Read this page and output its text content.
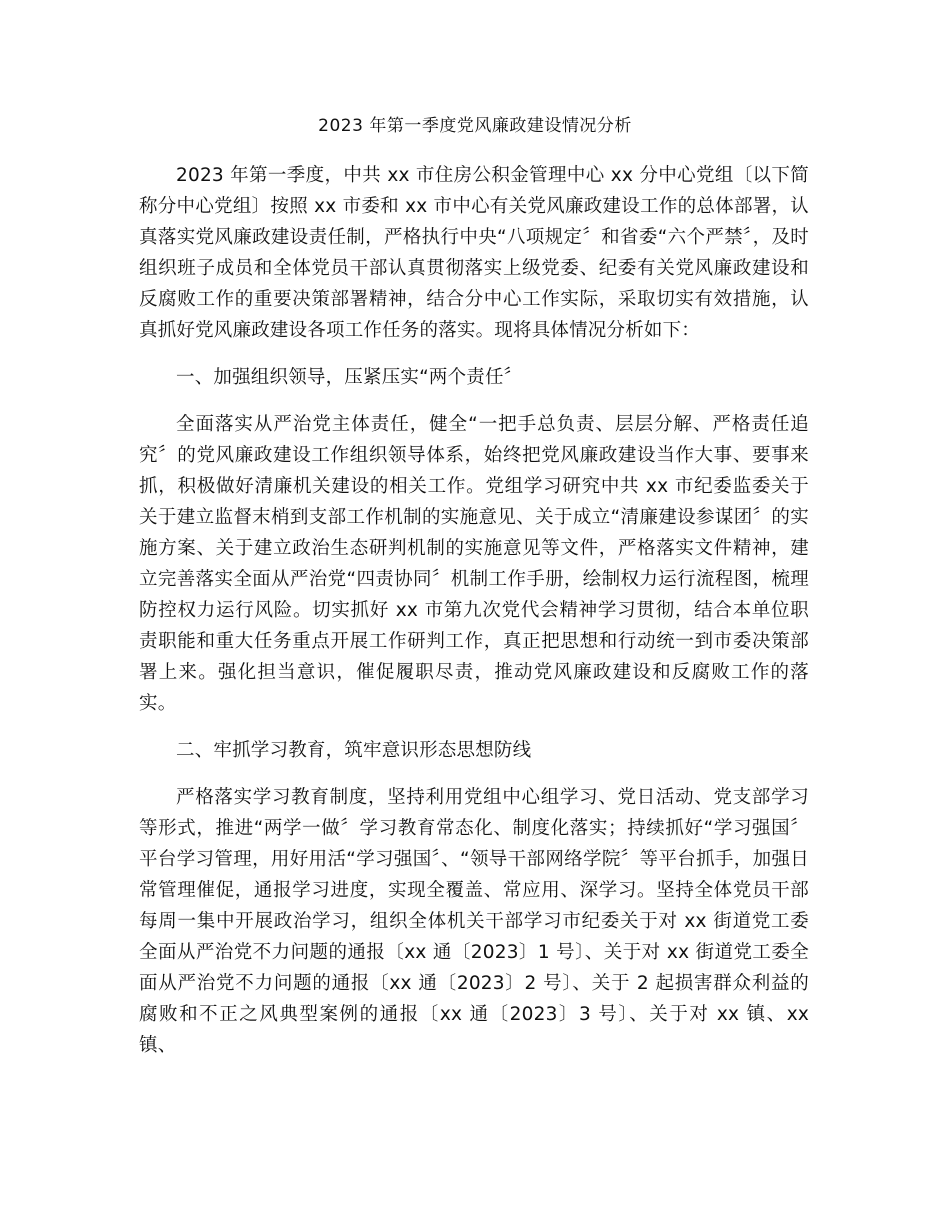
2023 年第一季度党风廉政建设情况分析

2023 年第一季度，中共 xx 市住房公积金管理中心 xx 分中心党组〔以下简称分中心党组〕按照 xx 市委和 xx 市中心有关党风廉政建设工作的总体部署，认真落实党风廉政建设责任制，严格执行中央“八项规定〞和省委“六个严禁〞，及时组织班子成员和全体党员干部认真贯彻落实上级党委、纪委有关党风廉政建设和反腐败工作的重要决策部署精神，结合分中心工作实际，采取切实有效措施，认真抓好党风廉政建设各项工作任务的落实。现将具体情况分析如下：

一、加强组织领导，压紧压实“两个责任〞

全面落实从严治党主体责任，健全“一把手总负责、层层分解、严格责任追究〞的党风廉政建设工作组织领导体系，始终把党风廉政建设当作大事、要事来抓，积极做好清廉机关建设的相关工作。党组学习研究中共 xx 市纪委监委关于关于建立监督末梢到支部工作机制的实施意见、关于成立“清廉建设参谋团〞的实施方案、关于建立政治生态研判机制的实施意见等文件，严格落实文件精神，建立完善落实全面从严治党“四责协同〞机制工作手册，绘制权力运行流程图，梳理防控权力运行风险。切实抓好 xx 市第九次党代会精神学习贯彻，结合本单位职责职能和重大任务重点开展工作研判工作，真正把思想和行动统一到市委决策部署上来。强化担当意识，催促履职尽责，推动党风廉政建设和反腐败工作的落实。

二、牢抓学习教育，筑牢意识形态思想防线

严格落实学习教育制度，坚持利用党组中心组学习、党日活动、党支部学习等形式，推进“两学一做〞学习教育常态化、制度化落实；持续抓好“学习强国〞平台学习管理，用好用活“学习强国〞、“领导干部网络学院〞等平台抓手，加强日常管理催促，通报学习进度，实现全覆盖、常应用、深学习。坚持全体党员干部每周一集中开展政治学习，组织全体机关干部学习市纪委关于对 xx 街道党工委全面从严治党不力问题的通报〔xx 通〔2023〕1 号〕、关于对 xx 街道党工委全面从严治党不力问题的通报〔xx 通〔2023〕2 号〕、关于 2 起损害群众利益的腐败和不正之风典型案例的通报〔xx 通〔2023〕3 号〕、关于对 xx 镇、xx 镇、
